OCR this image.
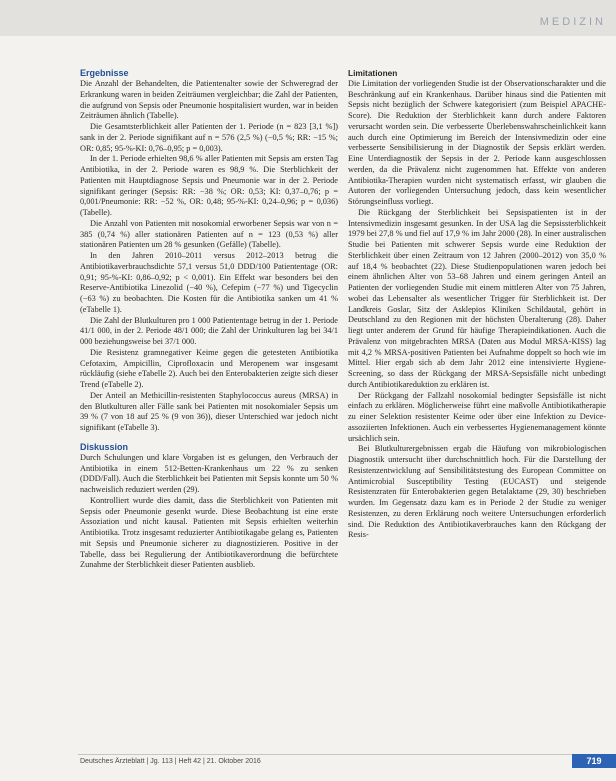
MEDIZIN
Ergebnisse

Die Anzahl der Behandelten, die Patientenalter sowie der Schweregrad der Erkrankung waren in beiden Zeiträumen vergleichbar; die Zahl der Patienten, die aufgrund von Sepsis oder Pneumonie hospitalisiert wurden, war in beiden Zeiträumen ähnlich (Tabelle).

Die Gesamtsterblichkeit aller Patienten der 1. Periode (n = 823 [3,1 %]) sank in der 2. Periode signifikant auf n = 576 (2,5 %) (−0,5 %; RR: −15 %; OR: 0,85; 95-%-KI: 0,76–0,95; p = 0,003).

In der 1. Periode erhielten 98,6 % aller Patienten mit Sepsis am ersten Tag Antibiotika, in der 2. Periode waren es 98,9 %. Die Sterblichkeit der Patienten mit Hauptdiagnose Sepsis und Pneumonie war in der 2. Periode signifikant geringer (Sepsis: RR: −38 %; OR: 0,53; KI: 0,37–0,76; p = 0,001/Pneumonie: RR: −52 %, OR: 0,48; 95-%-KI: 0,24–0,96; p = 0,036) (Tabelle).

Die Anzahl von Patienten mit nosokomial erworbener Sepsis war von n = 385 (0,74 %) aller stationären Patienten auf n = 123 (0,53 %) aller stationären Patienten um 28 % gesunken (Gefälle) (Tabelle).

In den Jahren 2010–2011 versus 2012–2013 betrug die Antibiotikaverbrauchsdichte 57,1 versus 51,0 DDD/100 Patiententage (OR: 0,91; 95-%-KI: 0,86–0,92; p < 0,001). Ein Effekt war besonders bei den Reserve-Antibiotika Linezolid (−40 %), Cefepim (−77 %) und Tigecyclin (−63 %) zu beobachten. Die Kosten für die Antibiotika sanken um 41 % (eTabelle 1).

Die Zahl der Blutkulturen pro 1 000 Patiententage betrug in der 1. Periode 41/1 000, in der 2. Periode 48/1 000; die Zahl der Urinkulturen lag bei 34/1 000 beziehungsweise bei 37/1 000.

Die Resistenz gramnegativer Keime gegen die getesteten Antibiotika Cefotaxim, Ampicillin, Ciprofloxacin und Meropenem war insgesamt rückläufig (siehe eTabelle 2). Auch bei den Enterobakterien zeigte sich dieser Trend (eTabelle 2).

Der Anteil an Methicillin-resistenten Staphylococcus aureus (MRSA) in den Blutkulturen aller Fälle sank bei Patienten mit nosokomialer Sepsis um 39 % (7 von 18 auf 25 % (9 von 36)), dieser Unterschied war jedoch nicht signifikant (eTabelle 3).

Diskussion

Durch Schulungen und klare Vorgaben ist es gelungen, den Verbrauch der Antibiotika in einem 512-Betten-Krankenhaus um 22 % zu senken (DDD/Fall). Auch die Sterblichkeit bei Patienten mit Sepsis konnte um 50 % nachweislich reduziert werden (29).

Kontrolliert wurde dies damit, dass die Sterblichkeit von Patienten mit Sepsis oder Pneumonie gesenkt wurde. Diese Beobachtung ist eine erste Assoziation und nicht kausal. Patienten mit Sepsis erhielten weiterhin Antibiotika. Trotz insgesamt reduzierter Antibiotikagabe gelang es, Patienten mit Sepsis und Pneumonie sicherer zu diagnostizieren. Positive in der Tabelle, dass bei Regulierung der Antibiotikaverordnung die befürchtete Zunahme der Sterblichkeit dieser Patienten ausblieb.

Limitationen

Die Limitation der vorliegenden Studie ist der Observationscharakter und die Beschränkung auf ein Krankenhaus. Darüber hinaus sind die Patienten mit Sepsis nicht bezüglich der Schwere kategorisiert (zum Beispiel APACHE-Score). Die Reduktion der Sterblichkeit kann durch andere Faktoren verursacht worden sein. Die verbesserte Überlebenswahrscheinlichkeit kann auch durch eine Optimierung im Bereich der Intensivmedizin oder eine verbesserte Sensibilisierung in der Diagnostik der Sepsis erklärt werden. Eine Unterdiagnostik der Sepsis in der 2. Periode kann ausgeschlossen werden, da die Prävalenz nicht zugenommen hat. Effekte von anderen Antibiotika-Therapien wurden nicht systematisch erfasst, wir glauben die Autoren der vorliegenden Untersuchung jedoch, dass kein wesentlicher Störungseinfluss vorliegt.

Die Rückgang der Sterblichkeit bei Sepsispatienten ist in der Intensivmedizin insgesamt gesunken. In der USA lag die Sepsissterblichkeit 1979 bei 27,8 % und fiel auf 17,9 % im Jahr 2000 (28). In einer australischen Studie bei Patienten mit schwerer Sepsis wurde eine Reduktion der Sterblichkeit über einen Zeitraum von 12 Jahren (2000–2012) von 35,0 % auf 18,4 % beobachtet (22). Diese Studienpopulationen waren jedoch bei einem ähnlichen Alter von 53–68 Jahren und einem geringen Anteil an Patienten der vorliegenden Studie mit einem mittleren Alter von 75 Jahren, wobei das Lebensalter als wesentlicher Trigger für Sterblichkeit ist. Der Landkreis Goslar, Sitz der Asklepios Kliniken Schildautal, gehört in Deutschland zu den Regionen mit der höchsten Überalterung (28). Daher liegt unter anderem der Grund für häufige Therapieindikationen. Auch die Prävalenz von mitgebrachten MRSA (Daten aus Modul MRSA-KISS) lag mit 4,2 % MRSA-positiven Patienten bei Aufnahme doppelt so hoch wie im Mittel. Hier ergab sich ab dem Jahr 2012 eine intensivierte Hygiene-Screening, so dass der Rückgang der MRSA-Sepsisfälle nicht unbedingt durch Antibiotikareduktion zu erklären ist.

Der Rückgang der Fallzahl nosokomial bedingter Sepsisfälle ist nicht einfach zu erklären. Möglicherweise führt eine maßvolle Antibiotikatherapie zu einer Selektion resistenter Keime oder über eine Infektion zu Device-assoziierten Infektionen. Auch ein verbessertes Hygienemanagement könnte ursächlich sein.

Bei Blutkulturergebnissen ergab die Häufung von mikrobiologischen Diagnostik untersucht über durchschnittlich hoch. Für die Darstellung der Resistenzentwicklung auf Sensibilitätstestung des European Committee on Antimicrobial Susceptibility Testing (EUCAST) und steigende Resistenzraten für Enterobakterien gegen Betalaktame (29, 30) beschrieben wurden. Im Gegensatz dazu kam es in Periode 2 der Studie zu weniger Resistenzen, zu deren Erklärung noch weitere Untersuchungen erforderlich sind. Die Reduktion des Antibiotikaverbrauches kann den Rückgang der Resis-

Deutsches Ärzteblatt | Jg. 113 | Heft 42 | 21. Oktober 2016	719
